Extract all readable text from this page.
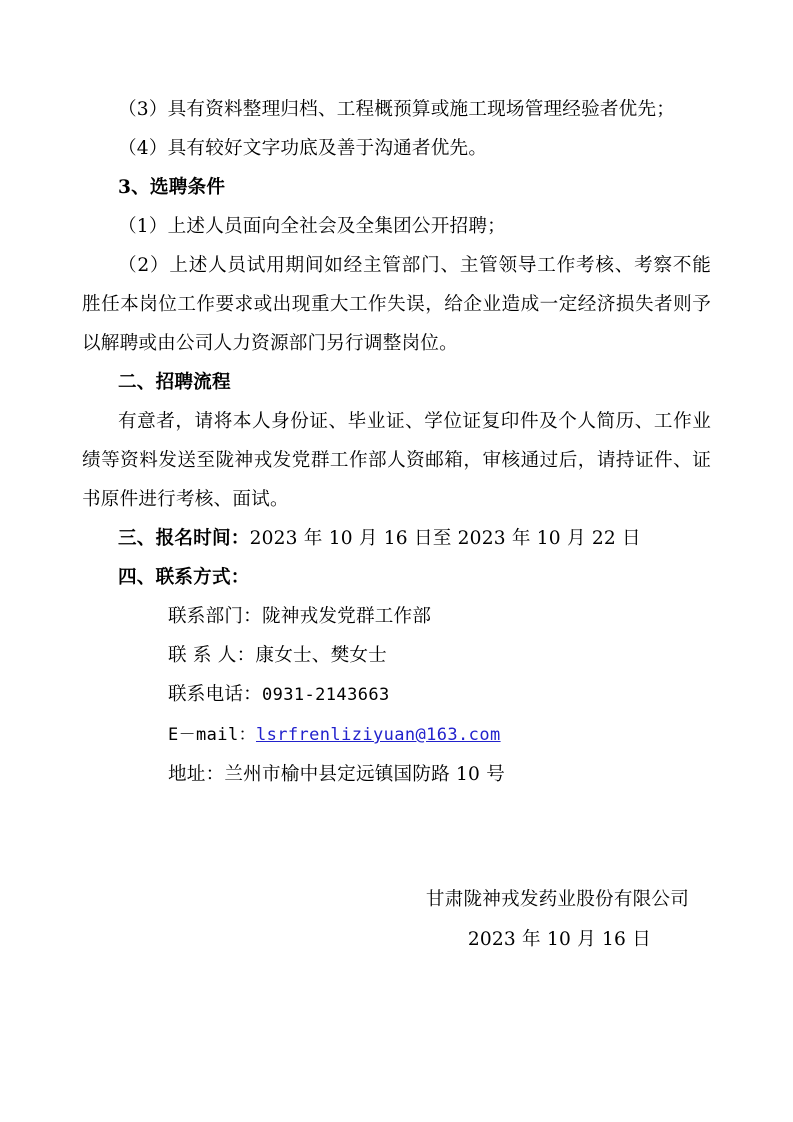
（3）具有资料整理归档、工程概预算或施工现场管理经验者优先；

（4）具有较好文字功底及善于沟通者优先。

3、选聘条件

（1）上述人员面向全社会及全集团公开招聘；

（2）上述人员试用期间如经主管部门、主管领导工作考核、考察不能胜任本岗位工作要求或出现重大工作失误，给企业造成一定经济损失者则予以解聘或由公司人力资源部门另行调整岗位。

二、招聘流程

有意者，请将本人身份证、毕业证、学位证复印件及个人简历、工作业绩等资料发送至陇神戎发党群工作部人资邮箱，审核通过后，请持证件、证书原件进行考核、面试。

三、报名时间：2023 年 10 月 16 日至 2023 年 10 月 22 日

四、联系方式：

联系部门：陇神戎发党群工作部

联 系 人：康女士、樊女士

联系电话：0931-2143663

E－mail：lsrfrenliziyuan@163.com

地址：兰州市榆中县定远镇国防路 10 号

甘肃陇神戎发药业股份有限公司

2023 年 10 月 16 日
